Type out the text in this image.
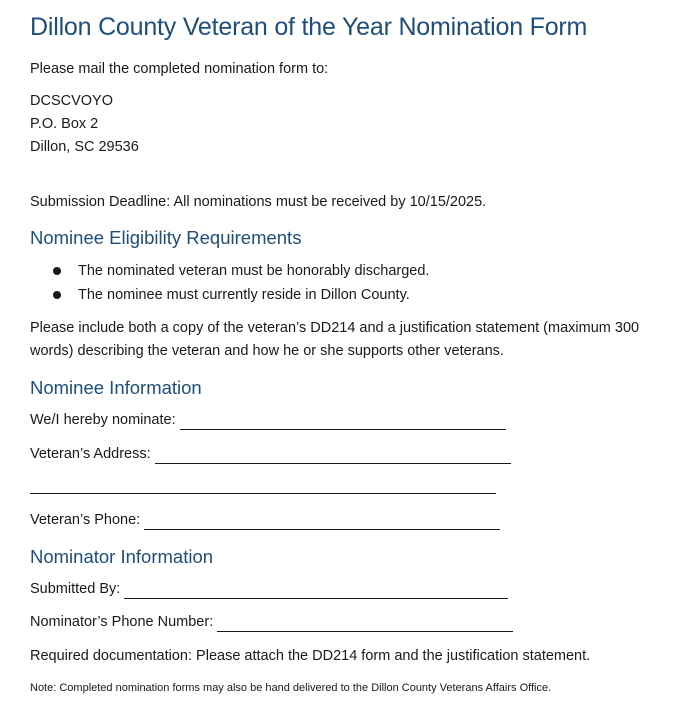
Dillon County Veteran of the Year Nomination Form
Please mail the completed nomination form to:
DCSCVOYO
P.O. Box 2
Dillon, SC 29536
Submission Deadline: All nominations must be received by 10/15/2025.
Nominee Eligibility Requirements
The nominated veteran must be honorably discharged.
The nominee must currently reside in Dillon County.
Please include both a copy of the veteran’s DD214 and a justification statement (maximum 300 words) describing the veteran and how he or she supports other veterans.
Nominee Information
We/I hereby nominate:
Veteran’s Address:
Veteran’s Phone:
Nominator Information
Submitted By:
Nominator’s Phone Number:
Required documentation: Please attach the DD214 form and the justification statement.
Note: Completed nomination forms may also be hand delivered to the Dillon County Veterans Affairs Office.
